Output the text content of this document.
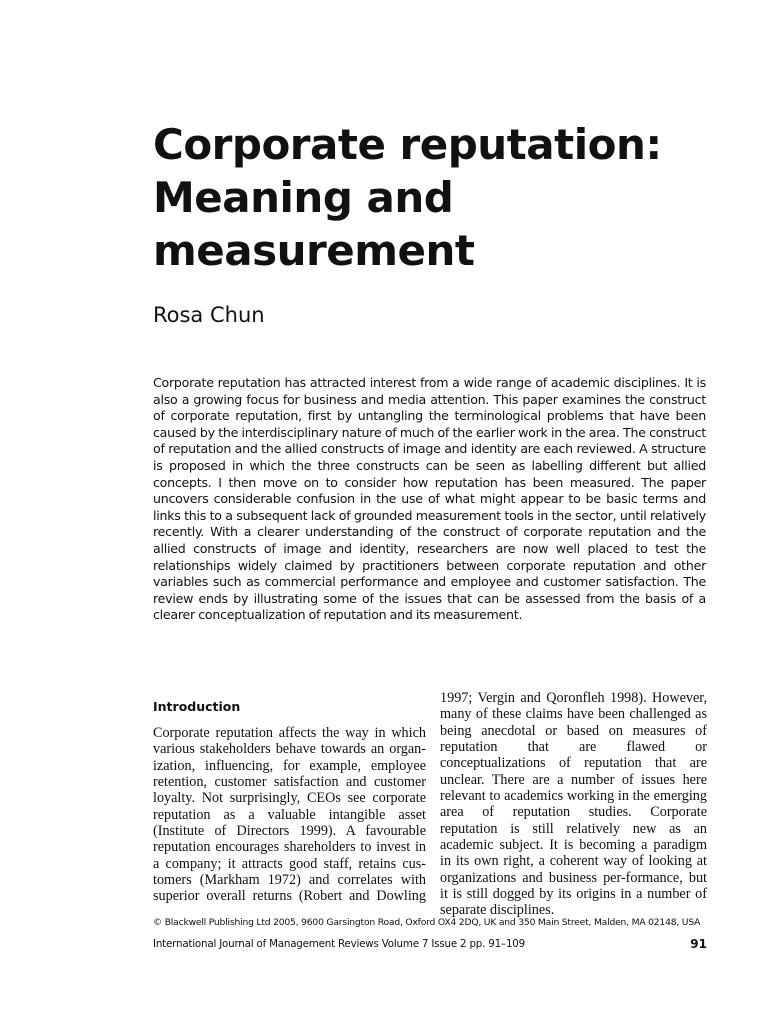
Corporate reputation:
Meaning and
measurement

Rosa Chun

Corporate reputation has attracted interest from a wide range of academic disciplines. It is also a growing focus for business and media attention. This paper examines the construct of corporate reputation, first by untangling the terminological problems that have been caused by the interdisciplinary nature of much of the earlier work in the area. The construct of reputation and the allied constructs of image and identity are each reviewed. A structure is proposed in which the three constructs can be seen as labelling different but allied concepts. I then move on to consider how reputation has been measured. The paper uncovers considerable confusion in the use of what might appear to be basic terms and links this to a subsequent lack of grounded measurement tools in the sector, until relatively recently. With a clearer understanding of the construct of corporate reputation and the allied constructs of image and identity, researchers are now well placed to test the relationships widely claimed by practitioners between corporate reputation and other variables such as commercial performance and employee and customer satisfaction. The review ends by illustrating some of the issues that can be assessed from the basis of a clearer conceptualization of reputation and its measurement.

Introduction

Corporate reputation affects the way in which various stakeholders behave towards an organ-ization, influencing, for example, employee retention, customer satisfaction and customer loyalty. Not surprisingly, CEOs see corporate reputation as a valuable intangible asset (Institute of Directors 1999). A favourable reputation encourages shareholders to invest in a company; it attracts good staff, retains cus-tomers (Markham 1972) and correlates with superior overall returns (Robert and Dowling

1997; Vergin and Qoronfleh 1998). However, many of these claims have been challenged as being anecdotal or based on measures of reputation that are flawed or conceptualizations of reputation that are unclear. There are a number of issues here relevant to academics working in the emerging area of reputation studies. Corporate reputation is still relatively new as an academic subject. It is becoming a paradigm in its own right, a coherent way of looking at organizations and business per-formance, but it is still dogged by its origins in a number of separate disciplines.

© Blackwell Publishing Ltd 2005, 9600 Garsington Road, Oxford OX4 2DQ, UK and 350 Main Street, Malden, MA 02148, USA

International Journal of Management Reviews Volume 7 Issue 2 pp. 91–109	91
